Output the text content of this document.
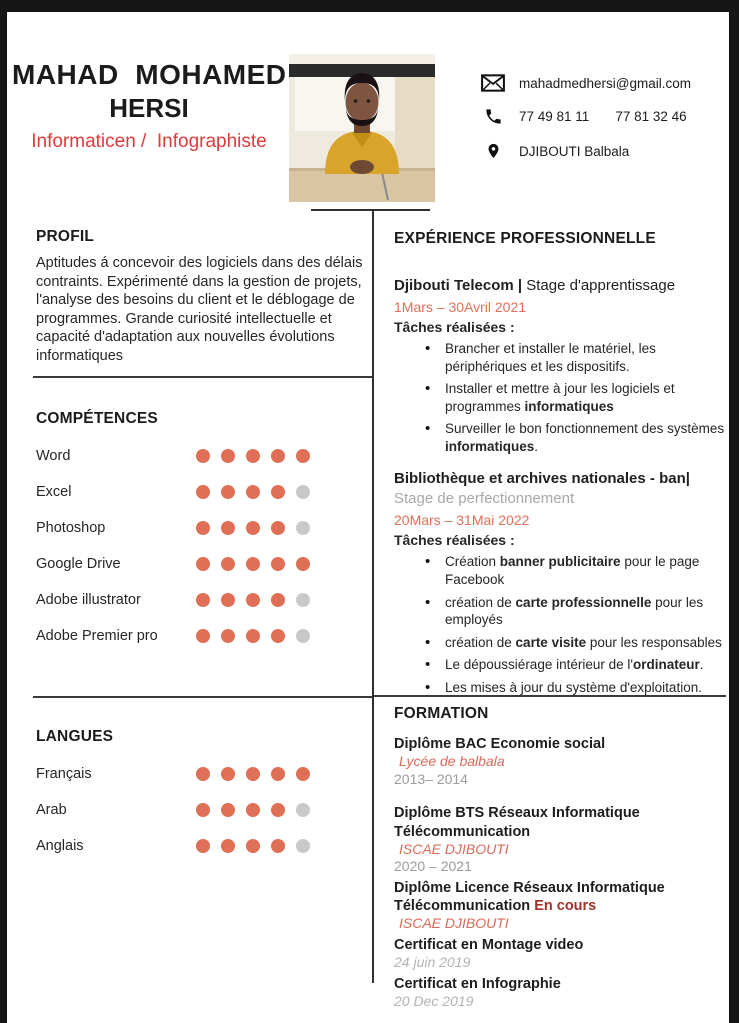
MAHAD  MOHAMED
HERSI
Informaticen /  Infographiste
mahadmedhersi@gmail.com
77 49 81 11 77 81 32 46
DJIBOUTI Balbala
PROFIL

Aptitudes á concevoir des logiciels dans des délais contraints. Expérimenté dans la gestion de projets, l'analyse des besoins du client et le déblogage de programmes. Grande curiosité intellectuelle et capacité d'adaptation aux nouvelles évolutions informatiques

COMPÉTENCES
Word
Excel
Photoshop
Google Drive
Adobe illustrator
Adobe Premier pro
LANGUES
Français
Arab
Anglais
EXPÉRIENCE PROFESSIONNELLE
Djibouti Telecom | Stage d'apprentissage
1Mars – 30Avril 2021
Tâches réalisées :
• Brancher et installer le matériel, les périphériques et les dispositifs.
• Installer et mettre à jour les logiciels et programmes informatiques
• Surveiller le bon fonctionnement des systèmes informatiques.
Bibliothèque et archives nationales - ban| Stage de perfectionnement
20Mars – 31Mai 2022
Tâches réalisées :
• Création banner publicitaire pour le page Facebook
• création de carte professionnelle pour les employés
• création de carte visite pour les responsables
• Le dépoussiérage intérieur de l'ordinateur.
• Les mises à jour du système d'exploitation.
FORMATION
Diplôme BAC Economie social
Lycée de balbala
2013– 2014
Diplôme BTS Réseaux Informatique Télécommunication
ISCAE DJIBOUTI
2020 – 2021
Diplôme Licence Réseaux Informatique Télécommunication En cours
ISCAE DJIBOUTI
Certificat en Montage video
24 juin 2019
Certificat en Infographie
20 Dec 2019
